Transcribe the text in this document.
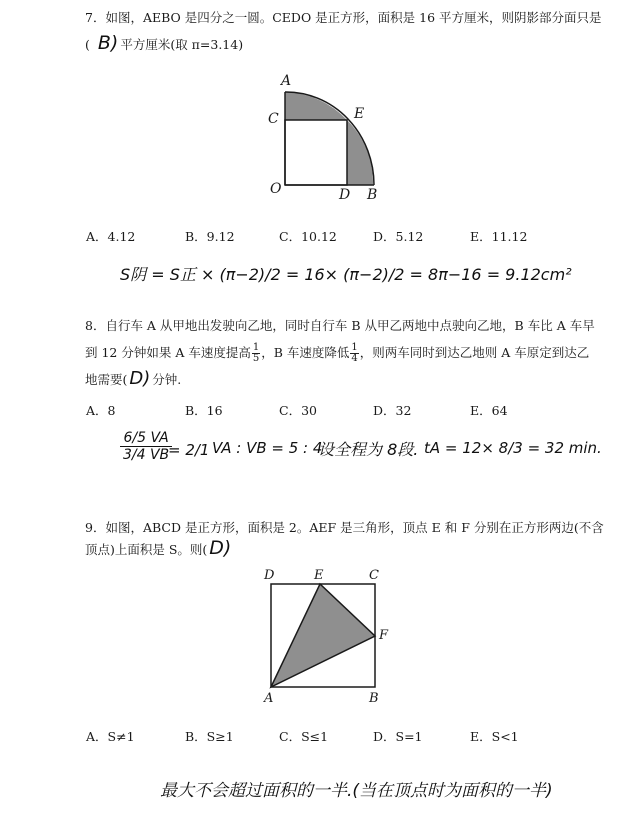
7．如图，AEBO 是四分之一圆。CEDO 是正方形，面积是 16 平方厘米，则阴影部分面只是
( B) 平方厘米(取 π=3.14)
A
C	E
O	D B
A．4.12	B．9.12	C．10.12	D．5.12	E．11.12
S阴 = S正 × (π−2)/2 = 16× (π−2)/2 = 8π−16 = 9.12cm²
8．自行车 A 从甲地出发驶向乙地，同时自行车 B 从甲乙两地中点驶向乙地，B 车比 A 车早
到 12 分钟如果 A 车速度提高 $\frac{1}{5}$ ，B 车速度降低 $\frac{1}{4}$ ，则两车同时到达乙地则 A 车原定到达乙
地需要( D) 分钟.
A．8	B．16	C．30	D．32	E．64
6/5 VA
3/4 VB
= 2/1 VA : VB = 5 : 4
设全程为 8段. tA = 12× 8/3 = 32 min.
9．如图，ABCD 是正方形，面积是 2。AEF 是三角形，顶点 E 和 F 分别在正方形两边(不含
顶点)上面积是 S。则( D)
D	E	C
F
A	B
A．S≠1	B．S≥1	C．S≤1	D．S=1	E．S<1
最大不会超过面积的一半.(当在顶点时为面积的一半)
